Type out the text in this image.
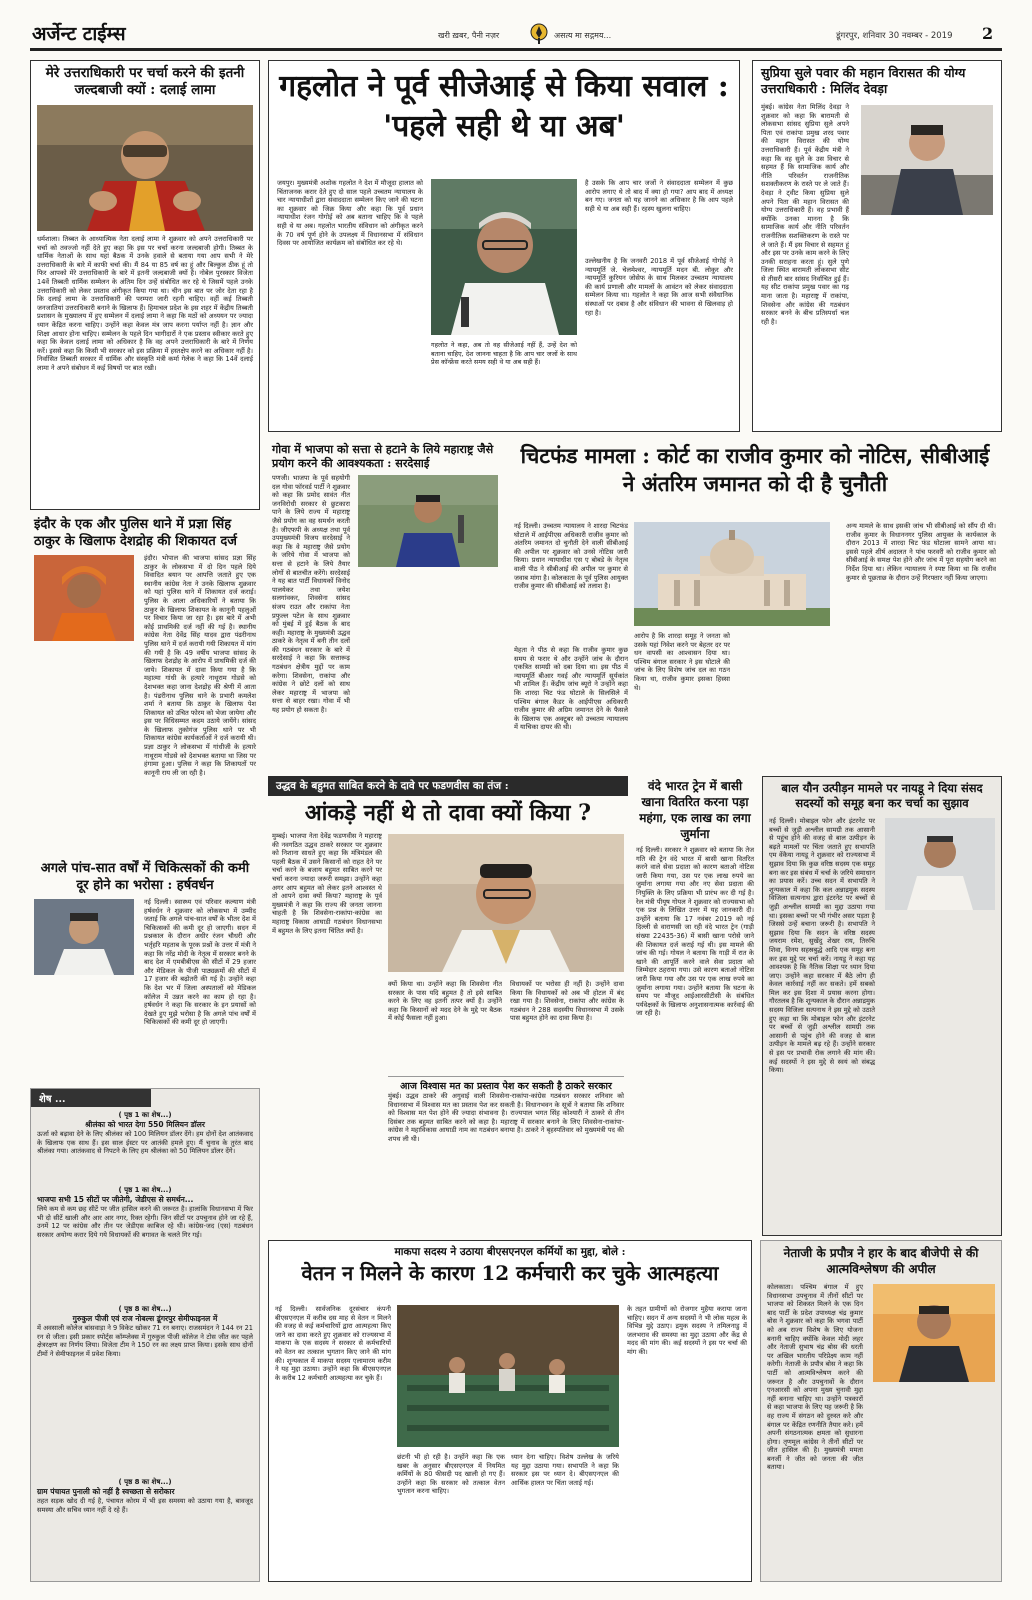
अर्जेन्ट टाईम्स	खरी ख़बर, पैनी नज़र	असत्य मा सद्गमय...	डूंगरपुर, शनिवार 30 नवम्बर - 2019 2
मेरे उत्तराधिकारी पर चर्चा करने की इतनी जल्दबाजी क्यों : दलाई लामा
धर्मशाला। तिब्बत के आध्यात्मिक नेता दलाई लामा ने शुक्रवार को अपने उत्तराधिकारी पर चर्चा को तवज्जो नहीं देते हुए कहा कि इस पर चर्चा करना जल्दबाजी होगी। तिब्बत के धार्मिक नेताओं के साथ यहां बैठक में उनके हवाले से बताया गया आप सभी ने मेरे उत्तराधिकारी के बारे में काफी चर्चा की। मैं 84 या 85 वर्ष का हूं और बिल्कुल ठीक हूं तो फिर आपको मेरे उत्तराधिकारी के बारे में इतनी जल्दबाजी क्यों है। नोबेल पुरस्कार विजेता 14वें तिब्बती धार्मिक सम्मेलन के अंतिम दिन उन्हें संबोधित कर रहे थे जिसमें पहले उनके उत्तराधिकारी को लेकर प्रस्ताव अंगीकृत किया गया था। चीन इस बात पर जोर देता रहा है कि दलाई लामा के उत्तराधिकारी की परम्परा जारी रहनी चाहिए। वहीं कई तिब्बती जनजातियां उत्तराधिकारी बनाने के खिलाफ हैं। हिमाचल प्रदेश के इस शहर में केंद्रीय तिब्बती प्रशासन के मुख्यालय में हुए सम्मेलन में दलाई लामा ने कहा कि मठों को अध्ययन पर ज्यादा ध्यान केंद्रित करना चाहिए। उन्होंने कहा केवल मंत्र जाप करना पर्याप्त नहीं है। ज्ञान और शिक्षा आधार होना चाहिए। सम्मेलन के पहले दिन भागीदारों ने एक प्रस्ताव स्वीकार करते हुए कहा कि केवल दलाई लामा को अधिकार है कि वह अपने उत्तराधिकारी के बारे में निर्णय करें। इससे कहा कि किसी भी सरकार को इस प्रक्रिया में हस्तक्षेप करने का अधिकार नहीं है। निर्वासित तिब्बती सरकार में धार्मिक और संस्कृति मंत्री कर्मा गेलेक ने कहा कि 14वें दलाई लामा ने अपने संबोधन में कई विषयों पर बात रखी।
इंदौर के एक और पुलिस थाने में प्रज्ञा सिंह ठाकुर के खिलाफ देशद्रोह की शिकायत दर्ज
इंदौर। भोपाल की भाजपा सांसद प्रज्ञा सिंह ठाकुर के लोकसभा में दो दिन पहले दिये विवादित बयान पर आपत्ति जताते हुए एक स्थानीय कांग्रेस नेता ने उनके खिलाफ शुक्रवार को यहां पुलिस थाने में शिकायत दर्ज कराई। पुलिस के आला अधिकारियों ने बताया कि ठाकुर के खिलाफ शिकायत के कानूनी पहलुओं पर विचार किया जा रहा है। इस बारे में अभी कोई प्राथमिकी दर्ज नहीं की गई है। स्थानीय कांग्रेस नेता देवेंद्र सिंह यादव द्वारा पंढरीनाथ पुलिस थाने में दर्ज करायी गयी शिकायत में मांग की गयी है कि 49 वर्षीय भाजपा सांसद के खिलाफ देशद्रोह के आरोप में प्राथमिकी दर्ज की जाये। शिकायत में दावा किया गया है कि महात्मा गांधी के हत्यारे नाथूराम गोडसे को देशभक्त कहा जाना देशद्रोह की श्रेणी में आता है। पंढरीनाथ पुलिस थाने के प्रभारी कमलेश शर्मा ने बताया कि ठाकुर के खिलाफ पेश शिकायत को उचित फोरम को भेजा जायेगा और इस पर विधिसम्मत कदम उठाये जायेंगे। सांसद के खिलाफ तुकोगंज पुलिस थाने पर भी शिकायत कांग्रेस कार्यकर्ताओं ने दर्ज करायी थी। प्रज्ञा ठाकुर ने लोकसभा में गांधीजी के हत्यारे नाथूराम गोडसे को देशभक्त बताया था जिस पर हंगामा हुआ। पुलिस ने कहा कि शिकायतों पर कानूनी राय ली जा रही है।
अगले पांच-सात वर्षों में चिकित्सकों की कमी दूर होने का भरोसा : हर्षवर्धन
नई दिल्ली। स्वास्थ्य एवं परिवार कल्याण मंत्री हर्षवर्धन ने शुक्रवार को लोकसभा में उम्मीद जताई कि अगले पांच-सात वर्षों के भीतर देश में चिकित्सकों की कमी दूर हो जाएगी। सदन में प्रश्नकाल के दौरान अधीर रंजन चौधरी और भर्तृहरि महताब के पूरक प्रश्नों के उत्तर में मंत्री ने कहा कि नरेंद्र मोदी के नेतृत्व में सरकार बनने के बाद देश में एमबीबीएस की सीटों में 29 हजार और मेडिकल के पीजी पाठ्यक्रमों की सीटों में 17 हजार की बढ़ोतरी की गई है। उन्होंने कहा कि देश भर में जिला अस्पतालों को मेडिकल कॉलेज में उन्नत करने का काम हो रहा है। हर्षवर्धन ने कहा कि सरकार के इन प्रयासों को देखते हुए मुझे भरोसा है कि अगले पांच वर्षों में चिकित्सकों की कमी दूर हो जाएगी।
शेष ...
( पृष्ठ 1 का शेष...)
श्रीलंका को भारत देगा 550 मिलियन डॉलर
ऊर्जा को बढ़ावा देने के लिए श्रीलंका को 100 मिलियन डॉलर देंगे। हम दोनों देश आतंकवाद के खिलाफ एक साथ हैं। इस साल ईस्टर पर आतंकी हमले हुए। मैं चुनाव के तुरंत बाद श्रीलंका गया। आतंकवाद से निपटने के लिए हम श्रीलंका को 50 मिलियन डॉलर देंगे।
( पृष्ठ 1 का शेष...)
भाजपा सभी 15 सीटों पर जीतेगी, जेडीएस से समर्थन...
लिये कम से कम छह सीटें पर जीत हासिल करने की जरूरत है। हालांकि विधानसभा में फिर भी दो सीटें खाली और आर आर नगर, रिक्त रहेगी। जिन सीटों पर उपचुनाव होने जा रहे हैं, उनमें 12 पर कांग्रेस और तीन पर जेडीएस काबिज रहे थी। कांग्रेस-जद (एस) गठबंधन सरकार अयोग्य करार दिये गये विधायकों की बगावत के चलते गिर गई।
( पृष्ठ 8 का शेष...)
गुरुकुल पीजी एवं राज नोबल्स डूंगरपुर सेमीफाइनल में
में अवसाली कोलेज बांसवाड़ा ने 9 विकेट खोकर 71 रन बनाए। राजसमंदन ने 144 रन 21 रन से जीता। इसी प्रकार स्पोर्ट्स कॉम्प्लेक्स में गुरुकुल पीजी कॉलेज ने टोस जीत कर पहले क्षेत्ररक्षण का निर्णय लिया। विजेता टीम ने 150 रन का लक्ष्य प्राप्त किया। इसके साथ दोनों टीमों ने सेमीफाइनल में प्रवेश किया।
( पृष्ठ 8 का शेष...)
ग्राम पंचायत पुनाली को नहीं है स्वच्छता से सरोकार
तहत सड़क खोद दी गई है, पंचायत कोरम में भी इस समस्या को उठाया गया है, बावजूद समस्या और सचिव ध्यान नहीं दे रहे हैं।
गहलोत ने पूर्व सीजेआई से किया सवाल : 'पहले सही थे या अब'
जयपुर। मुख्यमंत्री अशोक गहलोत ने देश में मौजूदा हालात को चिंताजनक करार देते हुए दो साल पहले उच्चतम न्यायालय के चार न्यायाधीशों द्वारा संवाददाता सम्मेलन किए जाने की घटना का शुक्रवार को जिक्र किया और कहा कि पूर्व प्रधान न्यायाधीश रंजन गोगोई को अब बताना चाहिए कि वे पहले सही थे या अब। गहलोत भारतीय संविधान को अंगीकृत करने के 70 वर्ष पूर्ण होने के उपलक्ष्य में विधानसभा में संविधान दिवस पर आयोजित कार्यक्रम को संबोधित कर रहे थे।
गहलोत ने कहा, अब तो वह सीजेआई नहीं हैं, उन्हें देश को बताना चाहिए, देश जानना चाहता है कि आप चार जजों के साथ प्रेस कॉन्फ्रेंस करते समय सही थे या अब सही हैं।
है उसके कि आप चार जजों ने संवाददाता सम्मेलन में कुछ आरोप लगाए थे तो बाद में क्या हो गया? आप बाद में अध्यक्ष बन गए। जनता को यह जानने का अधिकार है कि आप पहले सही थे या अब सही हैं। रहस्य खुलना चाहिए।
उल्लेखनीय है कि जनवरी 2018 में पूर्व सीजेआई गोगोई ने न्यायमूर्ति जे. चेलमेश्वर, न्यायमूर्ति मदन बी. लोकुर और न्यायमूर्ति कुरियन जोसेफ के साथ मिलकर उच्चतम न्यायालय की कार्य प्रणाली और मामलों के आवंटन को लेकर संवाददाता सम्मेलन किया था। गहलोत ने कहा कि आज सभी संवैधानिक संस्थाओं पर दबाव है और संविधान की भावना से खिलवाड़ हो रहा है।
सुप्रिया सुले पवार की महान विरासत की योग्य उत्तराधिकारी : मिलिंद देवड़ा
मुंबई। कांग्रेस नेता मिलिंद देवड़ा ने शुक्रवार को कहा कि बारामती से लोकसभा सांसद सुप्रिया सुले अपने पिता एवं राकांपा प्रमुख शरद पवार की महान विरासत की योग्य उत्तराधिकारी हैं। पूर्व केंद्रीय मंत्री ने कहा कि वह सुले के उस विचार से सहमत हैं कि सामाजिक कार्य और नीति परिवर्तन राजनीतिक सशक्तीकरण के रास्ते पर ले जाते हैं। देवड़ा ने ट्वीट किया सुप्रिया सुले अपने पिता की महान विरासत की योग्य उत्तराधिकारी हैं। वह प्रभावी हैं क्योंकि उनका मानना है कि सामाजिक कार्य और नीति परिवर्तन राजनीतिक सशक्तिकरण के रास्ते पर ले जाते हैं। मैं इस विचार से सहमत हूं और इस पर उनके काम करने के लिए उनकी सराहना करता हूं। सुले पुणे जिला स्थित बारामती लोकसभा सीट से तीसरी बार सांसद निर्वाचित हुई हैं। यह सीट राकांपा प्रमुख पवार का गढ़ माना जाता है। महाराष्ट्र में राकांपा, शिवसेना और कांग्रेस की गठबंधन सरकार बनने के बीच प्रतिस्पर्धा चल रही है।
गोवा में भाजपा को सत्ता से हटाने के लिये महाराष्ट्र जैसे प्रयोग करने की आवश्यकता : सरदेसाई
पणजी। भाजपा के पूर्व सहयोगी दल गोवा फॉरवर्ड पार्टी ने शुक्रवार को कहा कि प्रमोद सावंत नीत जनविरोधी सरकार से छुटकारा पाने के लिये राज्य में महाराष्ट्र जैसे प्रयोग का वह समर्थन करती है। जीएफपी के अध्यक्ष तथा पूर्व उपमुख्यमंत्री विजय सरदेसाई ने कहा कि वे महाराष्ट्र जैसे प्रयोग के जरिये गोवा में भाजपा को सत्ता से हटाने के लिये तैयार लोगों से बातचीत करेंगे। सरदेसाई ने यह बात पार्टी विधायकों विनोद पालयेकर तथा जयेश सलगांवकर, शिवसेना सांसद संजय राउत और राकांपा नेता प्रफुल्ल पटेल के साथ शुक्रवार को मुंबई में हुई बैठक के बाद कही। महाराष्ट्र के मुख्यमंत्री उद्धव ठाकरे के नेतृत्व में बनी तीन दलों की गठबंधन सरकार के बारे में सरदेसाई ने कहा कि सत्तारूढ़ गठबंधन क्षेत्रीय मुद्दों पर काम करेगा। शिवसेना, राकांपा और कांग्रेस ने छोटे दलों को साथ लेकर महाराष्ट्र में भाजपा को सत्ता से बाहर रखा। गोवा में भी यह प्रयोग हो सकता है।
चिटफंड मामला : कोर्ट का राजीव कुमार को नोटिस, सीबीआई ने अंतरिम जमानत को दी है चुनौती
नई दिल्ली। उच्चतम न्यायालय ने शारदा चिटफंड घोटाले में आईपीएस अधिकारी राजीव कुमार को अंतरिम जमानत दो चुनौती देने वाली सीबीआई की अपील पर शुक्रवार को उनसे नोटिस जारी किया। प्रधान न्यायाधीश एस ए बोबडे के नेतृत्व वाली पीठ ने सीबीआई की अपील पर कुमार से जवाब मांगा है। कोलकाता के पूर्व पुलिस आयुक्त राजीव कुमार की सीबीआई को तलाश है।
मेहता ने पीठ से कहा कि राजीव कुमार कुछ समय से फरार थे और उन्होंने जांच के दौरान एकत्रित सामग्री को दबा दिया था। इस पीठ में न्यायमूर्ति बीआर गवई और न्यायमूर्ति सूर्यकांत भी शामिल हैं। केंद्रीय जांच ब्यूरो ने उन्होंने कहा कि शारदा चिट फंड घोटाले के सिलसिले में पश्चिम बंगाल कैडर के आईपीएस अधिकारी राजीव कुमार की अग्रिम जमानत देने के फैसले के खिलाफ एक अक्टूबर को उच्चतम न्यायालय में याचिका दायर की थी।
आरोप है कि शारदा समूह ने जनता को उसके यहां निवेश करने पर बेहतर दर पर धन वापसी का आश्वासन दिया था। पश्चिम बंगाल सरकार ने इस घोटाले की जांच के लिए विशेष जांच दल का गठन किया था, राजीव कुमार इसका हिस्सा थे।
अन्य मामले के साथ इसकी जांच भी सीबीआई को सौंप दी थी। राजीव कुमार के विधाननगर पुलिस आयुक्त के कार्यकाल के दौरान 2013 में शारदा चिट फंड घोटाला सामने आया था। इससे पहले शीर्ष अदालत ने पांच फरवरी को राजीव कुमार को सीबीआई के समक्ष पेश होने और जांच में पूरा सहयोग करने का निर्देश दिया था। लेकिन न्यायालय ने स्पष्ट किया था कि राजीव कुमार से पूछताछ के दौरान उन्हें गिरफ्तार नहीं किया जाएगा।
उद्धव के बहुमत साबित करने के दावे पर फडणवीस का तंज :
आंकड़े नहीं थे तो दावा क्यों किया ?
मुम्बई। भाजपा नेता देवेंद्र फडणवीस ने महाराष्ट्र की नवगठित उद्धव ठाकरे सरकार पर शुक्रवार को निशाना साधते हुए कहा कि मंत्रिमंडल की पहली बैठक में उसने किसानों को राहत देने पर चर्चा करने के बजाय बहुमत साबित करने पर चर्चा करना ज्यादा जरूरी समझा। उन्होंने कहा अगर आप बहुमत को लेकर इतने आश्वस्त थे तो आपने दावा क्यों किया? महाराष्ट्र के पूर्व मुख्यमंत्री ने कहा कि राज्य की जनता जानना चाहती है कि शिवसेना-राकांपा-कांग्रेस का महाराष्ट्र विकास आघाडी गठबंधन विधानसभा में बहुमत के लिए इतना चिंतित क्यों है।
क्यों किया था। उन्होंने कहा कि शिवसेना नीत सरकार के पास यदि बहुमत है तो इसे साबित करने के लिए वह इतनी तत्पर क्यों है। उन्होंने कहा कि किसानों को मदद देने के मुद्दे पर बैठक में कोई फैसला नहीं हुआ।
विधायकों पर भरोसा ही नहीं है। उन्होंने दावा किया कि विधायकों को अब भी होटल में बंद रखा गया है। शिवसेना, राकांपा और कांग्रेस के गठबंधन ने 288 सदस्यीय विधानसभा में उसके पास बहुमत होने का दावा किया है।
आज विश्वास मत का प्रस्ताव पेश कर सकती है ठाकरे सरकार
मुंबई। उद्धव ठाकरे की अगुवाई वाली शिवसेना-राकांपा-कांग्रेस गठबंधन सरकार शनिवार को विधानसभा में विश्वास मत का प्रस्ताव पेश कर सकती है। विधानभवन के सूत्रों ने बताया कि शनिवार को विश्वास मत पेश होने की ज्यादा संभावना है। राज्यपाल भगत सिंह कोश्यारी ने ठाकरे से तीन दिसंबर तक बहुमत साबित करने को कहा है। महाराष्ट्र में सरकार बनाने के लिए शिवसेना-राकांपा-कांग्रेस ने महाविकास आघाडी नाम का गठबंधन बनाया है। ठाकरे ने बृहस्पतिवार को मुख्यमंत्री पद की शपथ ली थी।
वंदे भारत ट्रेन में बासी खाना वितरित करना पड़ा महंगा, एक लाख का लगा जुर्माना
नई दिल्ली। सरकार ने शुक्रवार को बताया कि तेज गति की ट्रेन वंदे भारत में बासी खाना वितरित करने वाले सेवा प्रदाता को कारण बताओ नोटिस जारी किया गया, उस पर एक लाख रुपये का जुर्माना लगाया गया और नए सेवा प्रदाता की नियुक्ति के लिए प्रक्रिया भी प्रारंभ कर दी गई है। रेल मंत्री पीयूष गोयल ने शुक्रवार को राज्यसभा को एक प्रश्न के लिखित उत्तर में यह जानकारी दी। उन्होंने बताया कि 17 नवंबर 2019 को नई दिल्ली से वाराणसी जा रही वंदे भारत ट्रेन (गाड़ी संख्या 22435-36) में बासी खाना परोसे जाने की शिकायत दर्ज कराई गई थी। इस मामले की जांच की गई। गोयल ने बताया कि गाड़ी में रात के खाने की आपूर्ति करने वाले सेवा प्रदाता को जिम्मेदार ठहराया गया। उसे कारण बताओ नोटिस जारी किया गया और उस पर एक लाख रुपये का जुर्माना लगाया गया। उन्होंने बताया कि घटना के समय पर मौजूद आईआरसीटीसी के संबंधित पर्यवेक्षकों के खिलाफ अनुशासनात्मक कार्रवाई की जा रही है।
बाल यौन उत्पीड़न मामले पर नायडू ने दिया संसद सदस्यों को समूह बना कर चर्चा का सुझाव
नई दिल्ली। मोबाइल फोन और इंटरनेट पर बच्चों से जुड़ी अश्लील सामग्री तक आसानी से पहुंच होने की वजह से बाल उत्पीड़न के बढ़ते मामलों पर चिंता जताते हुए सभापति एम वेंकैया नायडू ने शुक्रवार को राज्यसभा में सुझाव दिया कि कुछ वरिष्ठ सदस्य एक समूह बना कर इस संबंध में चर्चा के जरिये समाधान का प्रयास करें। उच्च सदन में सभापति ने शून्यकाल में कहा कि कल अन्नाद्रमुक सदस्य विजिला सत्यनाथ द्वारा इंटरनेट पर बच्चों से जुड़ी अश्लील सामग्री का मुद्दा उठाया गया था। इसका बच्चों पर भी गंभीर असर पड़ता है जिससे उन्हें बचाना जरूरी है। सभापति ने सुझाव दिया कि सदन के वरिष्ठ सदस्य जयराम रमेश, सुखेंदु शेखर राय, तिरुचि शिवा, विनय सहस्रबुद्धे आदि एक समूह बना कर इस मुद्दे पर चर्चा करें। नायडू ने कहा यह आवश्यक है कि नैतिक शिक्षा पर ध्यान दिया जाए। उन्होंने कहा सरकार में बैठे लोग ही केवल कार्रवाई नहीं कर सकते। हमें सबको मिल कर इस दिशा में प्रयास करना होगा। गौरतलब है कि शून्यकाल के दौरान अन्नाद्रमुक सदस्य विजिला सत्यनाथ ने इस मुद्दे को उठाते हुए कहा था कि मोबाइल फोन और इंटरनेट पर बच्चों से जुड़ी अश्लील सामग्री तक आसानी से पहुंच होने की वजह से बाल उत्पीड़न के मामले बढ़ रहे हैं। उन्होंने सरकार से इस पर प्रभावी रोक लगाने की मांग की। कई सदस्यों ने इस मुद्दे से स्वयं को संबद्ध किया।
माकपा सदस्य ने उठाया बीएसएनएल कर्मियों का मुद्दा, बोले :
वेतन न मिलने के कारण 12 कर्मचारी कर चुके आत्महत्या
नई दिल्ली। सार्वजनिक दूरसंचार कंपनी बीएसएनएल में करीब दस माह से वेतन न मिलने की वजह से कई कर्मचारियों द्वारा आत्महत्या किए जाने का दावा करते हुए शुक्रवार को राज्यसभा में माकपा के एक सदस्य ने सरकार से कर्मचारियों को वेतन का तत्काल भुगतान किए जाने की मांग की। शून्यकाल में माकपा सदस्य एलामारम करीम ने यह मुद्दा उठाया। उन्होंने कहा कि बीएसएनएल के करीब 12 कर्मचारी आत्महत्या कर चुके हैं।
छंटनी भी हो रही है। उन्होंने कहा कि एक खबर के अनुसार बीएसएनएल में नियमित कर्मियों के 80 फीसदी पद खाली हो गए हैं। उन्होंने कहा कि सरकार को तत्काल वेतन भुगतान करना चाहिए।
ध्यान देना चाहिए। विशेष उल्लेख के जरिये यह मुद्दा उठाया गया। सभापति ने कहा कि सरकार इस पर ध्यान दे। बीएसएनएल की आर्थिक हालत पर चिंता जताई गई।
के तहत ग्रामीणों को रोजगार मुहैया कराया जाना चाहिए। सदन में अन्य सदस्यों ने भी लोक महत्व के विभिन्न मुद्दे उठाए। द्रमुक सदस्य ने तमिलनाडु में जलभराव की समस्या का मुद्दा उठाया और केंद्र से मदद की मांग की। कई सदस्यों ने इस पर चर्चा की मांग की।
नेताजी के प्रपौत्र ने हार के बाद बीजेपी से की आत्मविश्लेषण की अपील
कोलकाता। पश्चिम बंगाल में हुए विधानसभा उपचुनाव में तीनों सीटों पर भाजपा को शिकस्त मिलने के एक दिन बाद पार्टी के प्रदेश उपाध्यक्ष चंद्र कुमार बोस ने शुक्रवार को कहा कि भगवा पार्टी को अब राज्य विशेष के लिए योजना बनानी चाहिए क्योंकि केवल मोदी लहर और नेताजी सुभाष चंद्र बोस की धरती पर अखिल भारतीय परिप्रेक्ष्य काम नहीं करेगी। नेताजी के प्रपौत्र बोस ने कहा कि पार्टी को आत्मविश्लेषण करने की जरूरत है और उपचुनावों के दौरान एनआरसी को अपना मुख्य चुनावी मुद्दा नहीं बनाना चाहिए था। उन्होंने पत्रकारों से कहा भाजपा के लिए यह जरूरी है कि वह राज्य में संगठन को दुरुस्त करे और बंगाल पर केंद्रित रणनीति तैयार करे। हमें अपनी संगठनात्मक क्षमता को सुधारना होगा। तृणमूल कांग्रेस ने तीनों सीटों पर जीत हासिल की है। मुख्यमंत्री ममता बनर्जी ने जीत को जनता की जीत बताया।
